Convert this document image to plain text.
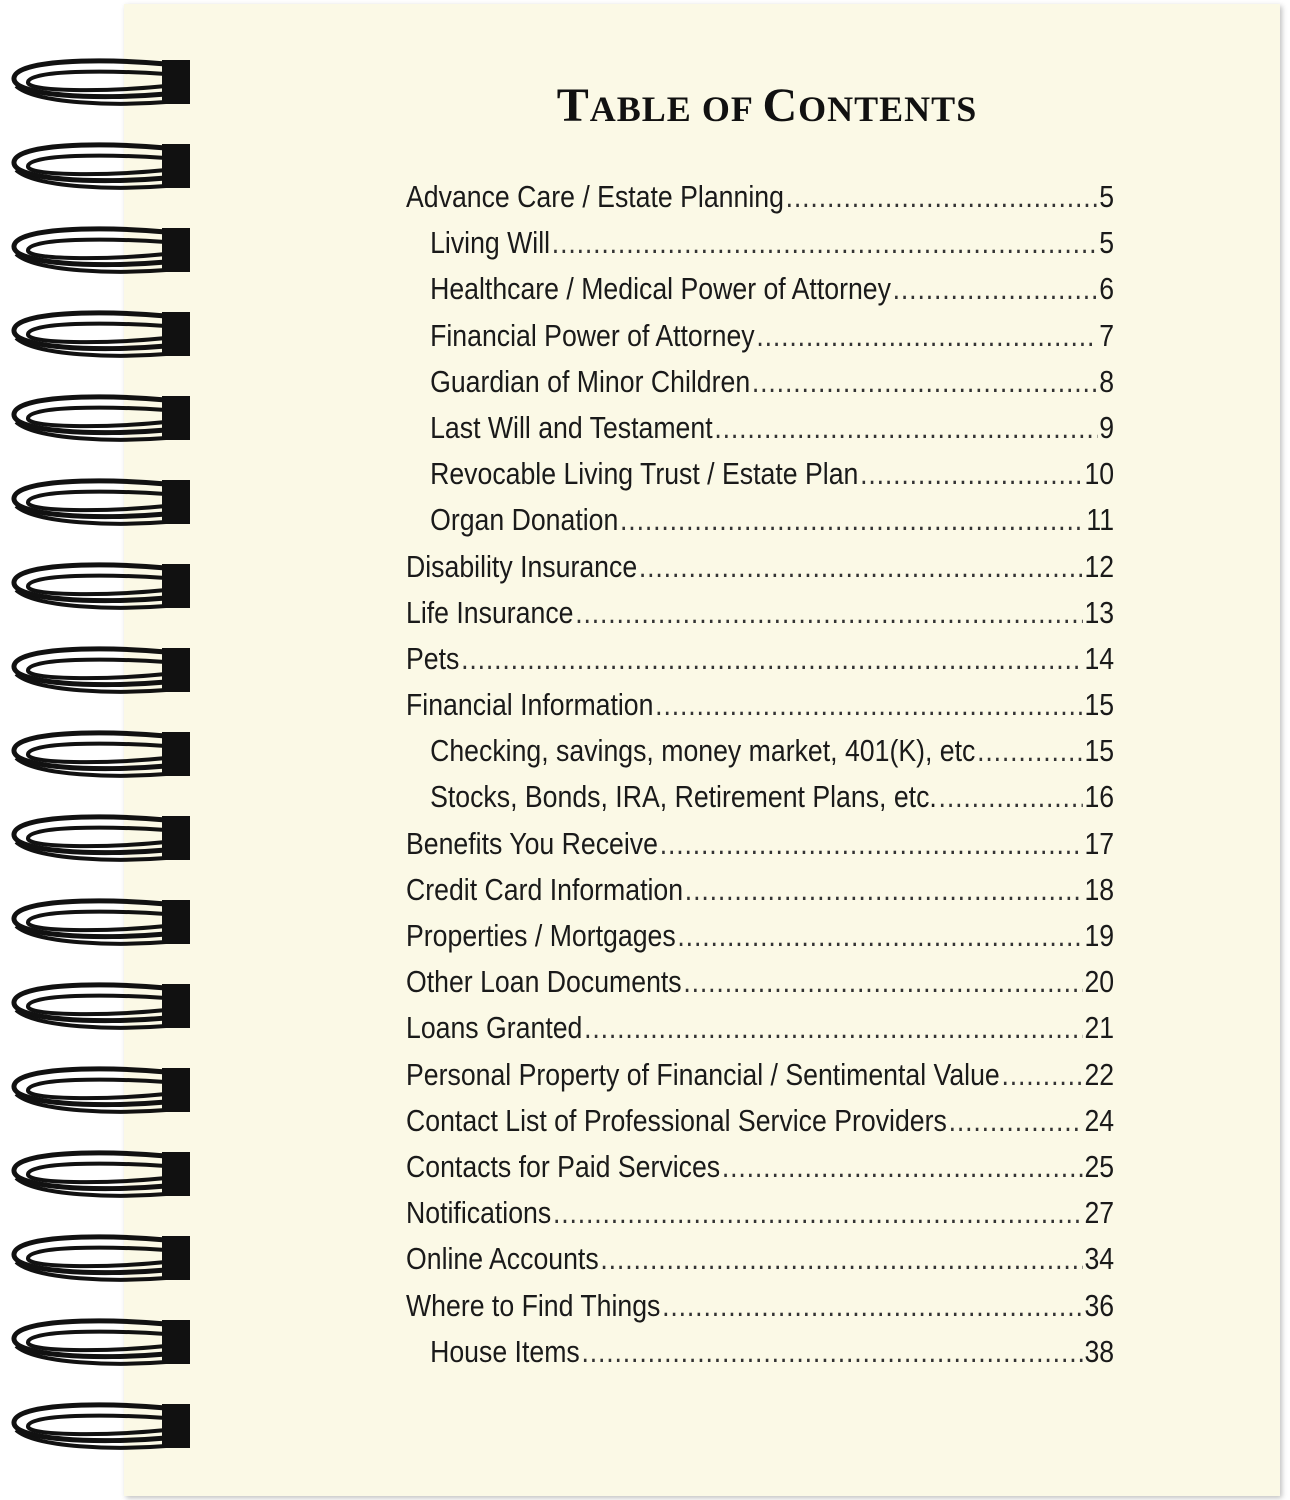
TABLE OF CONTENTS
Advance Care / Estate Planning .....	5
Living Will .....	5
Healthcare / Medical Power of Attorney .....	6
Financial Power of Attorney .....	7
Guardian of Minor Children .....	8
Last Will and Testament .....	9
Revocable Living Trust / Estate Plan .....	10
Organ Donation .....	11
Disability Insurance .....	12
Life Insurance .....	13
Pets .....	14
Financial Information .....	15
Checking, savings, money market, 401(K), etc .....	15
Stocks, Bonds, IRA, Retirement Plans, etc. .....	16
Benefits You Receive .....	17
Credit Card Information .....	18
Properties / Mortgages .....	19
Other Loan Documents .....	20
Loans Granted .....	21
Personal Property of Financial / Sentimental Value .....	22
Contact List of Professional Service Providers .....	24
Contacts for Paid Services .....	25
Notifications .....	27
Online Accounts .....	34
Where to Find Things .....	36
House Items .....	38
